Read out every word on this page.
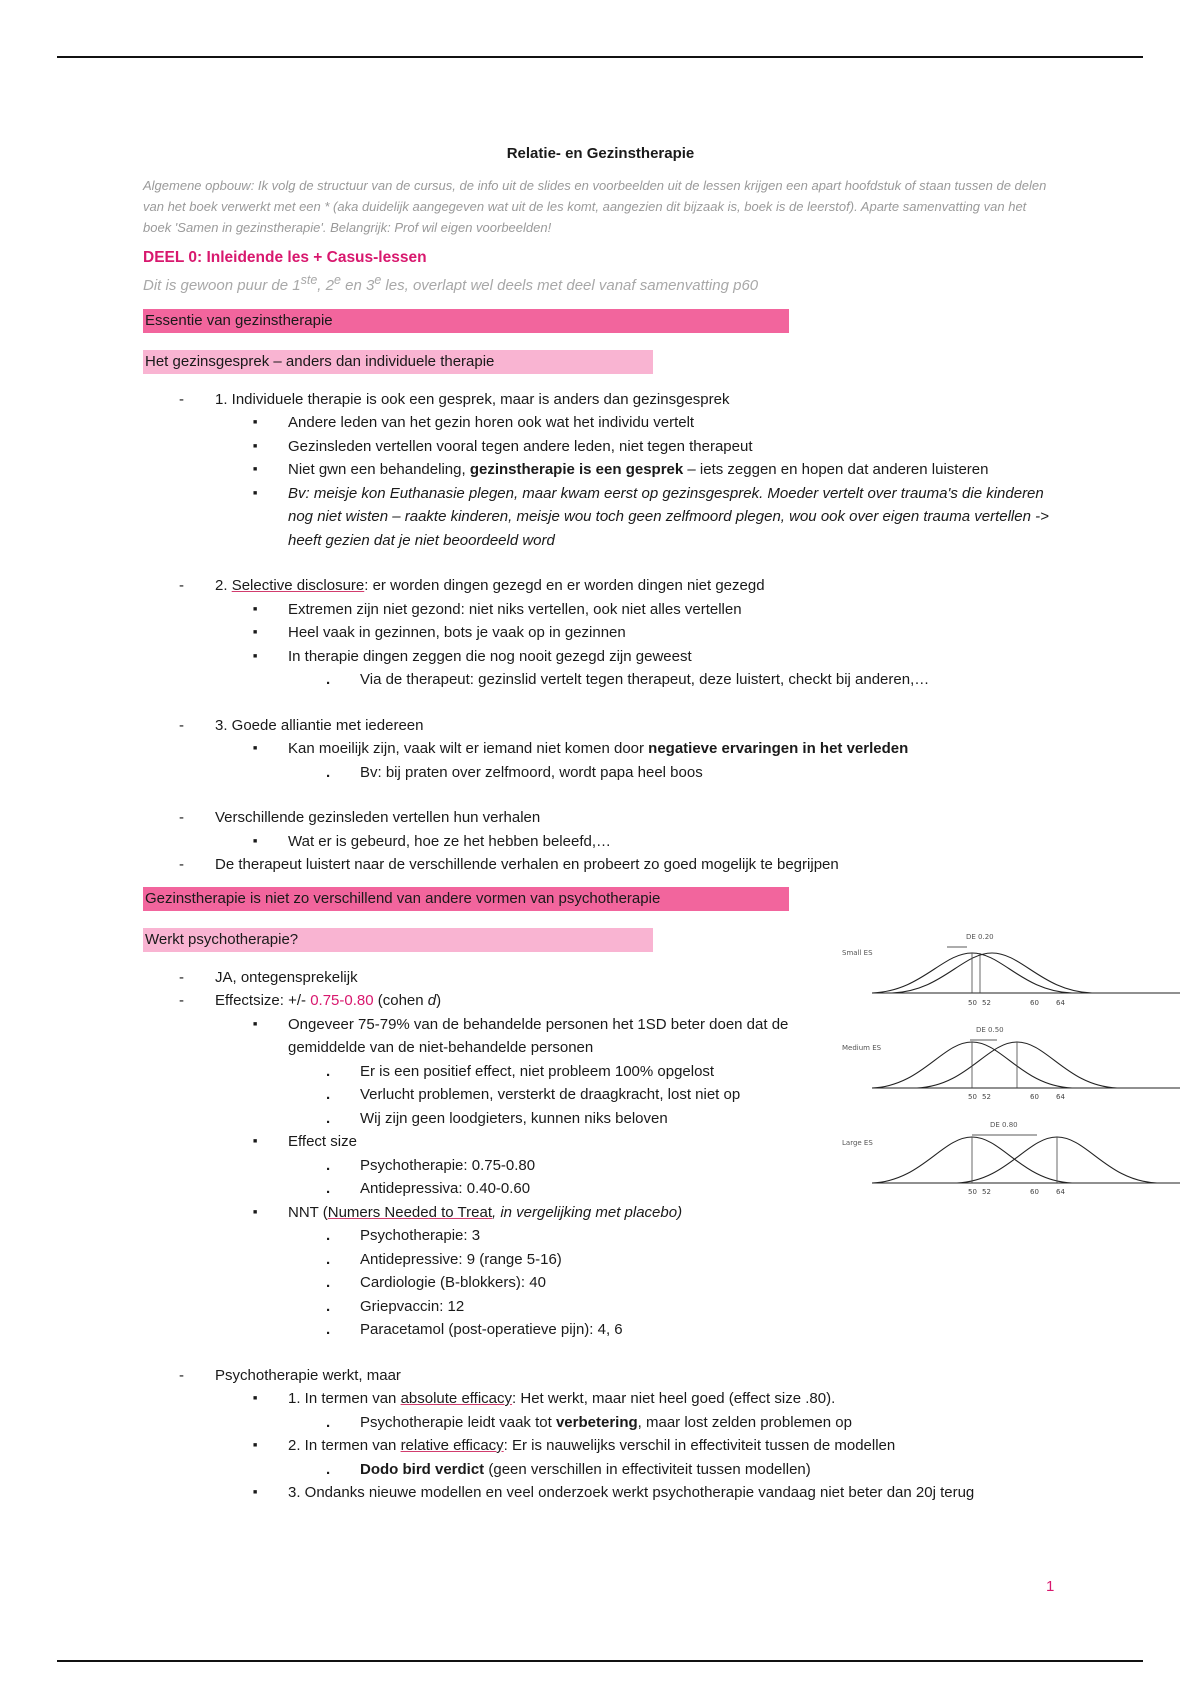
Relatie- en Gezinstherapie
Algemene opbouw: Ik volg de structuur van de cursus, de info uit de slides en voorbeelden uit de lessen krijgen een apart hoofdstuk of staan tussen de delen van het boek verwerkt met een * (aka duidelijk aangegeven wat uit de les komt, aangezien dit bijzaak is, boek is de leerstof). Aparte samenvatting van het boek 'Samen in gezinstherapie'. Belangrijk: Prof wil eigen voorbeelden!
DEEL 0: Inleidende les + Casus-lessen
Dit is gewoon puur de 1ste, 2e en 3e les, overlapt wel deels met deel vanaf samenvatting p60
Essentie van gezinstherapie
Het gezinsgesprek – anders dan individuele therapie
- 1. Individuele therapie is ook een gesprek, maar is anders dan gezinsgesprek
■ Andere leden van het gezin horen ook wat het individu vertelt
■ Gezinsleden vertellen vooral tegen andere leden, niet tegen therapeut
■ Niet gwn een behandeling, gezinstherapie is een gesprek – iets zeggen en hopen dat anderen luisteren
■ Bv: meisje kon Euthanasie plegen, maar kwam eerst op gezinsgesprek. Moeder vertelt over trauma's die kinderen nog niet wisten – raakte kinderen, meisje wou toch geen zelfmoord plegen, wou ook over eigen trauma vertellen -> heeft gezien dat je niet beoordeeld word
- 2. Selective disclosure: er worden dingen gezegd en er worden dingen niet gezegd
■ Extremen zijn niet gezond: niet niks vertellen, ook niet alles vertellen
■ Heel vaak in gezinnen, bots je vaak op in gezinnen
■ In therapie dingen zeggen die nog nooit gezegd zijn geweest
. Via de therapeut: gezinslid vertelt tegen therapeut, deze luistert, checkt bij anderen,…
- 3. Goede alliantie met iedereen
■ Kan moeilijk zijn, vaak wilt er iemand niet komen door negatieve ervaringen in het verleden
. Bv: bij praten over zelfmoord, wordt papa heel boos
- Verschillende gezinsleden vertellen hun verhalen
■ Wat er is gebeurd, hoe ze het hebben beleefd,…
- De therapeut luistert naar de verschillende verhalen en probeert zo goed mogelijk te begrijpen
Gezinstherapie is niet zo verschillend van andere vormen van psychotherapie
Werkt psychotherapie?
- JA, ontegensprekelijk
- Effectsize: +/- 0.75-0.80 (cohen d)
■ Ongeveer 75-79% van de behandelde personen het 1SD beter doen dat de gemiddelde van de niet-behandelde personen
. Er is een positief effect, niet probleem 100% opgelost
. Verlucht problemen, versterkt de draagkracht, lost niet op
. Wij zijn geen loodgieters, kunnen niks beloven
■ Effect size
. Psychotherapie: 0.75-0.80
. Antidepressiva: 0.40-0.60
■ NNT (Numers Needed to Treat, in vergelijking met placebo)
. Psychotherapie: 3
. Antidepressive: 9 (range 5-16)
. Cardiologie (B-blokkers): 40
. Griepvaccin: 12
. Paracetamol (post-operatieve pijn): 4, 6
- Psychotherapie werkt, maar
■ 1. In termen van absolute efficacy: Het werkt, maar niet heel goed (effect size .80).
. Psychotherapie leidt vaak tot verbetering, maar lost zelden problemen op
■ 2. In termen van relative efficacy: Er is nauwelijks verschil in effectiviteit tussen de modellen
. Dodo bird verdict (geen verschillen in effectiviteit tussen modellen)
■ 3. Ondanks nieuwe modellen en veel onderzoek werkt psychotherapie vandaag niet beter dan 20j terug
Small ES
DE 0.20
50 52	60 64
Medium ES
DE 0.50
50 52	60 64
Large ES
DE 0.80
50 52	60 64
1
